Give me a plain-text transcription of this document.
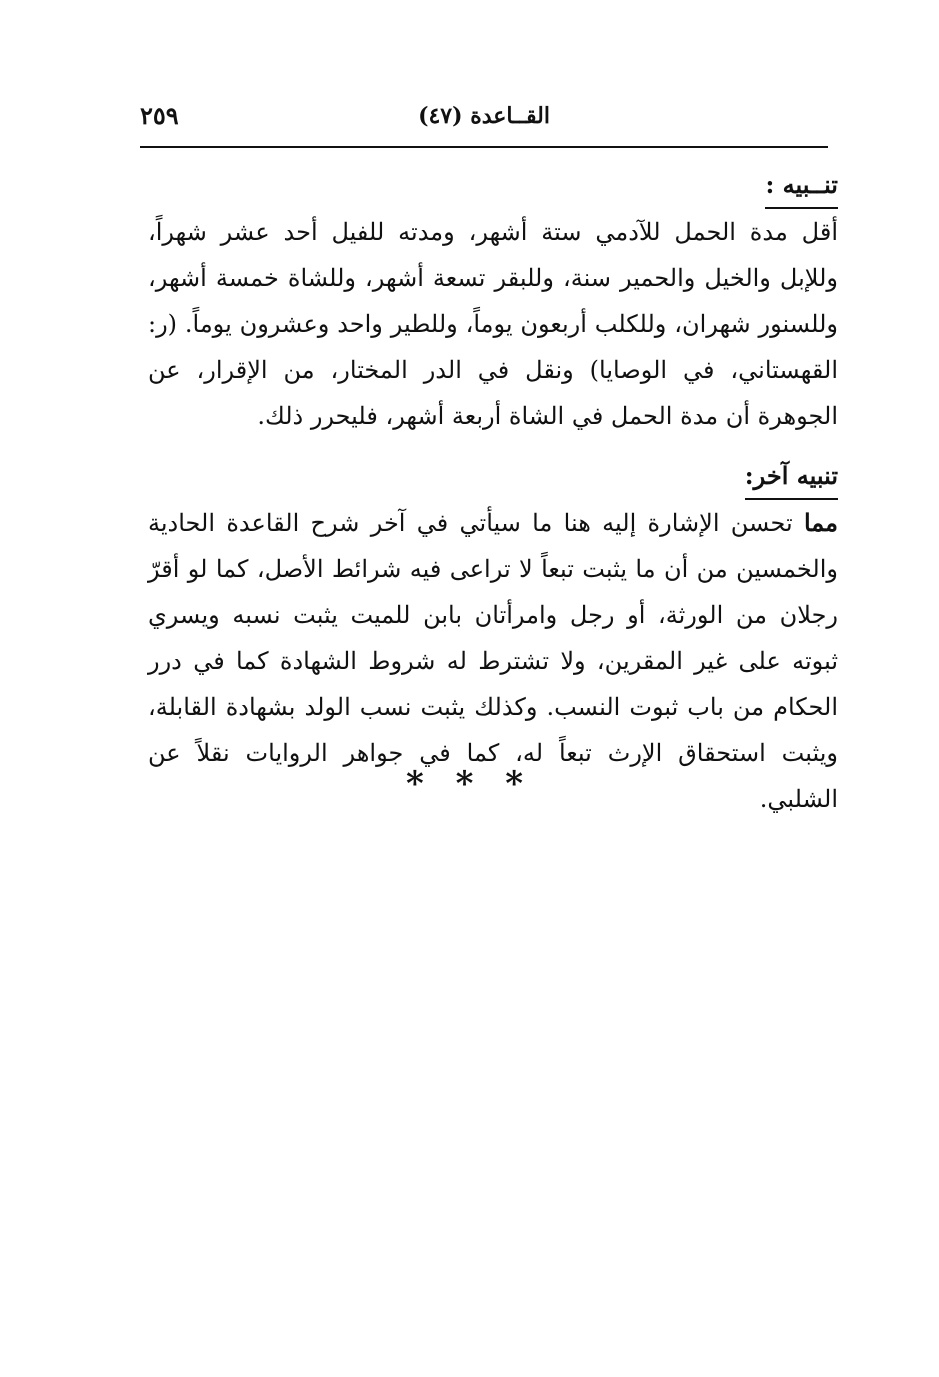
القــاعدة (٤٧)
٢٥٩
تنــبيه :

أقل مدة الحمل للآدمي ستة أشهر، ومدته للفيل أحد عشر شهراً، وللإبل والخيل والحمير سنة، وللبقر تسعة أشهر، وللشاة خمسة أشهر، وللسنور شهران، وللكلب أربعون يوماً، وللطير واحد وعشرون يوماً. (ر: القهستاني، في الوصايا) ونقل في الدر المختار، من الإقرار، عن الجوهرة أن مدة الحمل في الشاة أربعة أشهر، فليحرر ذلك.

تنبيه آخر:

مما تحسن الإشارة إليه هنا ما سيأتي في آخر شرح القاعدة الحادية والخمسين من أن ما يثبت تبعاً لا تراعى فيه شرائط الأصل، كما لو أقرّ رجلان من الورثة، أو رجل وامرأتان بابن للميت يثبت نسبه ويسري ثبوته على غير المقرين، ولا تشترط له شروط الشهادة كما في درر الحكام من باب ثبوت النسب. وكذلك يثبت نسب الولد بشهادة القابلة، ويثبت استحقاق الإرث تبعاً له، كما في جواهر الروايات نقلاً عن الشلبي.

* * *
